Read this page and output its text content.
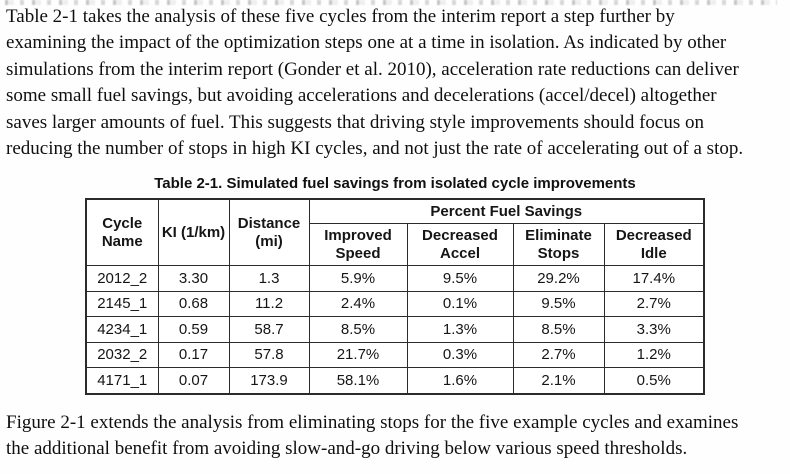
Table 2-1 takes the analysis of these five cycles from the interim report a step further by
examining the impact of the optimization steps one at a time in isolation. As indicated by other
simulations from the interim report (Gonder et al. 2010), acceleration rate reductions can deliver
some small fuel savings, but avoiding accelerations and decelerations (accel/decel) altogether
saves larger amounts of fuel. This suggests that driving style improvements should focus on
reducing the number of stops in high KI cycles, and not just the rate of accelerating out of a stop.
Table 2-1. Simulated fuel savings from isolated cycle improvements
Cycle Name	KI (1/km)	Distance (mi)	Percent Fuel Savings			
			Improved Speed	Decreased Accel	Eliminate Stops	Decreased Idle
2012_2	3.30	1.3	5.9%	9.5%	29.2%	17.4%
2145_1	0.68	11.2	2.4%	0.1%	9.5%	2.7%
4234_1	0.59	58.7	8.5%	1.3%	8.5%	3.3%
2032_2	0.17	57.8	21.7%	0.3%	2.7%	1.2%
4171_1	0.07	173.9	58.1%	1.6%	2.1%	0.5%
Figure 2-1 extends the analysis from eliminating stops for the five example cycles and examines
the additional benefit from avoiding slow-and-go driving below various speed thresholds.
